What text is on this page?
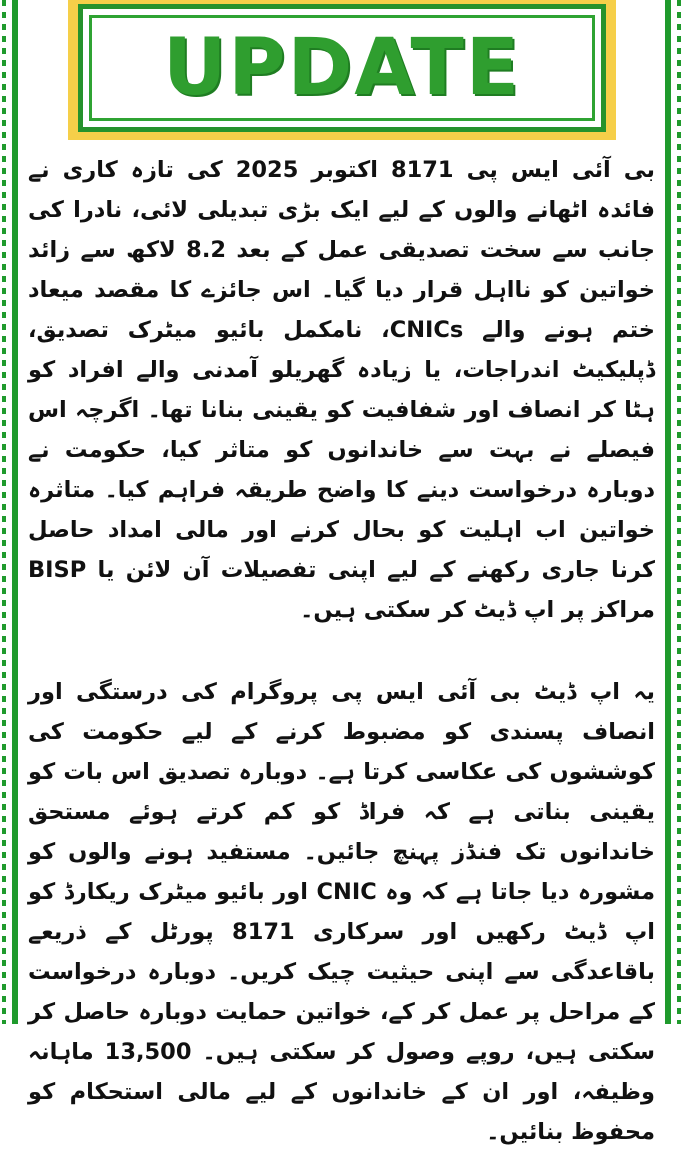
UPDATE

بی آئی ایس پی 8171 اکتوبر 2025 کی تازہ کاری نے فائدہ اٹھانے والوں کے لیے ایک بڑی تبدیلی لائی، نادرا کی جانب سے سخت تصدیقی عمل کے بعد 8.2 لاکھ سے زائد خواتین کو نااہل قرار دیا گیا۔ اس جائزے کا مقصد میعاد ختم ہونے والے CNICs، نامکمل بائیو میٹرک تصدیق، ڈپلیکیٹ اندراجات، یا زیادہ گھریلو آمدنی والے افراد کو ہٹا کر انصاف اور شفافیت کو یقینی بنانا تھا۔ اگرچہ اس فیصلے نے بہت سے خاندانوں کو متاثر کیا، حکومت نے دوبارہ درخواست دینے کا واضح طریقہ فراہم کیا۔ متاثرہ خواتین اب اہلیت کو بحال کرنے اور مالی امداد حاصل کرنا جاری رکھنے کے لیے اپنی تفصیلات آن لائن یا BISP مراکز پر اپ ڈیٹ کر سکتی ہیں۔

یہ اپ ڈیٹ بی آئی ایس پی پروگرام کی درستگی اور انصاف پسندی کو مضبوط کرنے کے لیے حکومت کی کوششوں کی عکاسی کرتا ہے۔ دوبارہ تصدیق اس بات کو یقینی بناتی ہے کہ فراڈ کو کم کرتے ہوئے مستحق خاندانوں تک فنڈز پہنچ جائیں۔ مستفید ہونے والوں کو مشورہ دیا جاتا ہے کہ وہ CNIC اور بائیو میٹرک ریکارڈ کو اپ ڈیٹ رکھیں اور سرکاری 8171 پورٹل کے ذریعے باقاعدگی سے اپنی حیثیت چیک کریں۔ دوبارہ درخواست کے مراحل پر عمل کر کے، خواتین حمایت دوبارہ حاصل کر سکتی ہیں، روپے وصول کر سکتی ہیں۔ 13,500 ماہانہ وظیفہ، اور ان کے خاندانوں کے لیے مالی استحکام کو محفوظ بنائیں۔
